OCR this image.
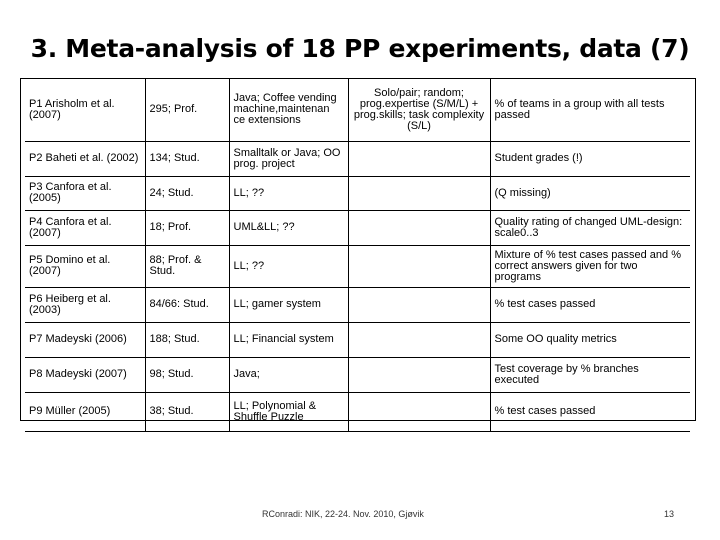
3. Meta-analysis of 18 PP experiments, data (7)
P1 Arisholm et al. (2007)	295; Prof.	Java; Coffee vending machine,maintenan ce extensions	Solo/pair; random; prog.expertise (S/M/L) + prog.skills; task complexity (S/L)	% of teams in a group with all tests passed
P2 Baheti et al. (2002)	134; Stud.	Smalltalk or Java; OO prog. project		Student grades (!)
P3 Canfora et al. (2005)	24; Stud.	LL; ??		(Q missing)
P4 Canfora et al. (2007)	18; Prof.	UML&LL; ??		Quality rating of changed UML-design: scale0..3
P5 Domino et al. (2007)	88; Prof. & Stud.	LL; ??		Mixture of % test cases passed and % correct answers given for two programs
P6 Heiberg et al. (2003)	84/66: Stud.	LL; gamer system		% test cases passed
P7 Madeyski (2006)	188; Stud.	LL; Financial system		Some OO quality metrics
P8 Madeyski (2007)	98; Stud.	Java;		Test coverage by % branches executed
P9 Müller (2005)	38; Stud.	LL; Polynomial & Shuffle Puzzle		% test cases passed
RConradi: NIK, 22-24. Nov. 2010, Gjøvik	13
